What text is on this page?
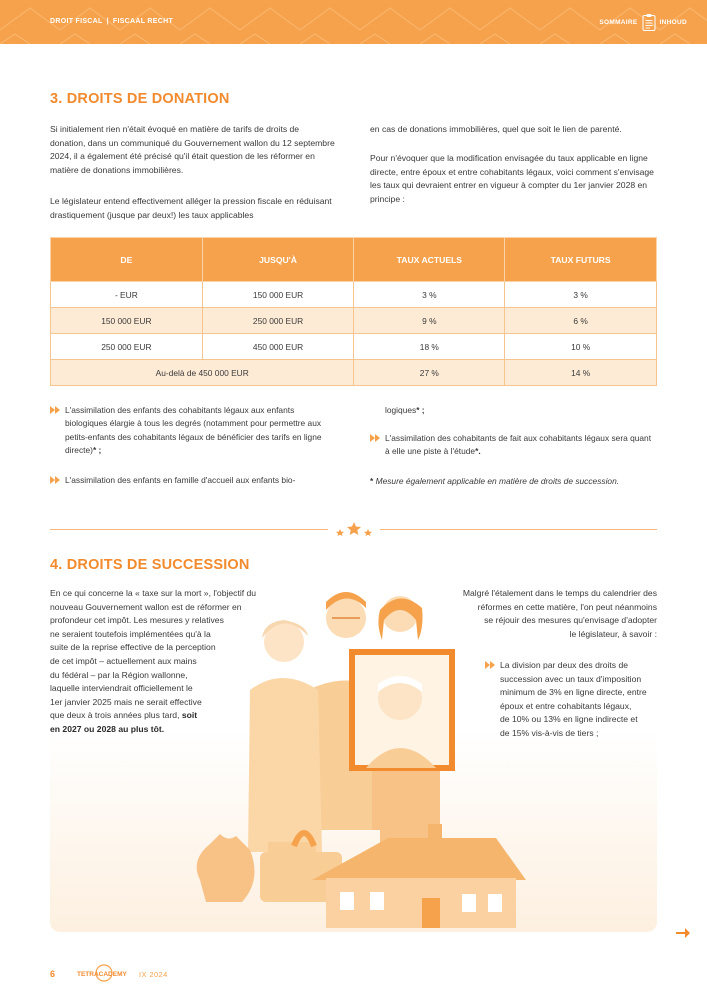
DROIT FISCAL | FISCAAL RECHT	SOMMAIRE	INHOUD
3. DROITS DE DONATION

Si initialement rien n'était évoqué en matière de tarifs de droits de donation, dans un communiqué du Gouvernement wallon du 12 septembre 2024, il a également été précisé qu'il était question de les réformer en matière de donations immobilières.

Le législateur entend effectivement alléger la pression fiscale en réduisant drastiquement (jusque par deux!) les taux applicables

en cas de donations immobilières, quel que soit le lien de parenté.

Pour n'évoquer que la modification envisagée du taux applicable en ligne directe, entre époux et entre cohabitants légaux, voici comment s'envisage les taux qui devraient entrer en vigueur à compter du 1er janvier 2028 en principe :

DE	JUSQU'À	TAUX ACTUELS	TAUX FUTURS
- EUR	150 000 EUR	3 %	3 %
150 000 EUR	250 000 EUR	9 %	6 %
250 000 EUR	450 000 EUR	18 %	10 %
Au-delà de 450 000 EUR		27 %	14 %
L'assimilation des enfants des cohabitants légaux aux enfants biologiques élargie à tous les degrés (notamment pour permettre aux petits-enfants des cohabitants légaux de bénéficier des tarifs en ligne directe)* ;
L'assimilation des enfants en famille d'accueil aux enfants bio-
logiques* ;
L'assimilation des cohabitants de fait aux cohabitants légaux sera quant à elle une piste à l'étude*.
* Mesure également applicable en matière de droits de succession.
4. DROITS DE SUCCESSION
En ce qui concerne la « taxe sur la mort », l'objectif du
nouveau Gouvernement wallon est de réformer en
profondeur cet impôt. Les mesures y relatives
ne seraient toutefois implémentées qu'à la
suite de la reprise effective de la perception
de cet impôt – actuellement aux mains
du fédéral – par la Région wallonne,
laquelle interviendrait officiellement le
1er janvier 2025 mais ne serait effective
que deux à trois années plus tard, soit
en 2027 ou 2028 au plus tôt.
Malgré l'étalement dans le temps du calendrier des
réformes en cette matière, l'on peut néanmoins
se réjouir des mesures qu'envisage d'adopter
le législateur, à savoir :
La division par deux des droits de
succession avec un taux d'imposition
minimum de 3% en ligne directe, entre
époux et entre cohabitants légaux,
de 10% ou 13% en ligne indirecte et
de 15% vis-à-vis de tiers ;
6	TETRACADEMY IX 2024
